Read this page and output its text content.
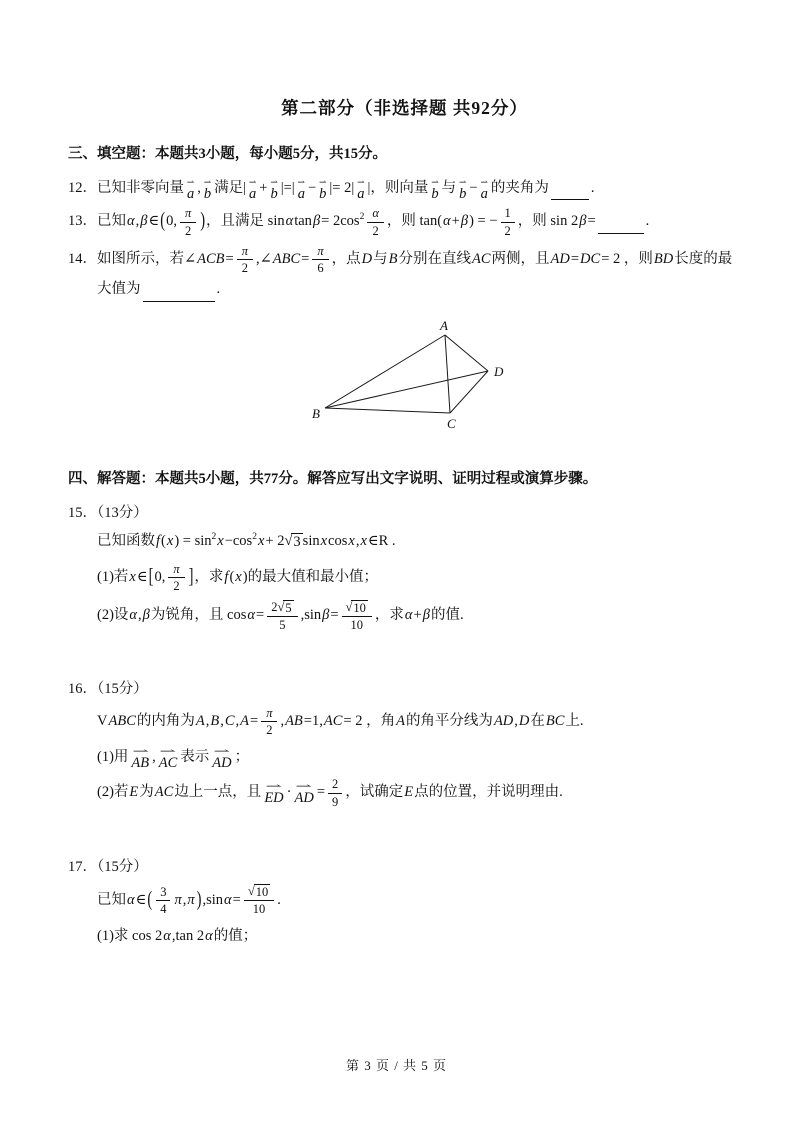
第二部分（非选择题 共92分）
三、填空题：本题共3小题，每小题5分，共15分。
12．已知非零向量 ⇀
a , ⇀
b 满足 | ⇀
a + ⇀
b |=| ⇀
a − ⇀
b |= 2| ⇀
a |，则向量 ⇀
b 与 ⇀
b − ⇀
a 的夹角为	.
13．已知 α , β ∈ ( 0, $\frac{\pi}{2}$ ) ，且满足 sin α tan β = 2cos $2 \frac{\alpha}{2}$ ，则 tan( α + β ) = − $\frac{1}{2}$ ，则 sin 2 β =	.
14．如图所示，若∠ ACB = $\frac{\pi}{2}$ ,∠ ABC = $\frac{\pi}{6}$ ，点 D 与 B 分别在直线 AC 两侧，且 AD = DC = 2 ，则 BD 长度的最
大值为	.
A
D
B
C
四、解答题：本题共5小题，共77分。解答应写出文字说明、证明过程或演算步骤。
15．（13分）
已知函数 f ( x ) = sin 2 x −cos 2 x + 2 √ 3 sin x cos x , x ∈R .
(1)若 x ∈ [ 0, $\frac{\pi}{2}$ ] ，求 f ( x )的最大值和最小值；
(2)设 α , β 为锐角，且 $\cos \alpha = \frac{2 √ 5}{5} ,\sin$ $\beta = \frac{√ 10}{10}$ ，求 α + β 的值.
16．（15分）
V ABC 的内角为 A , B , C , $A = \frac{\pi}{2}$ , AB =1, AC = 2 ，角 A 的角平分线为 AD , D 在 BC 上.
(1)用 ⇀
AB , ⇀
AC 表示 ⇀
AD ；
(2)若 E 为 AC 边上一点，且 ⇀
ED · ⇀
AD = $\frac{2}{9}$ ，试确定 E 点的位置，并说明理由.
17．（15分）
已知 α ∈ ( $\frac{3}{4}$ π , π ) ,sin $\alpha = \frac{√ 10}{10}$ .
(1)求 cos 2 α ,tan 2 α 的值；
第 3 页 / 共 5 页
